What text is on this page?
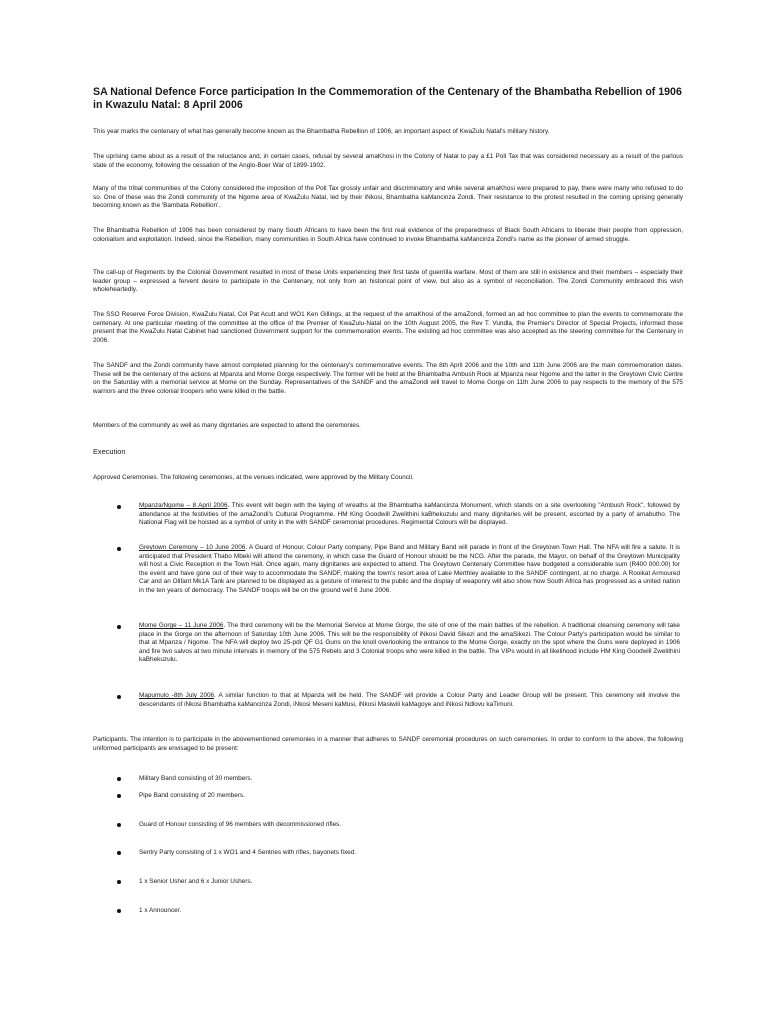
SA National Defence Force participation In the Commemoration of the Centenary of the Bhambatha Rebellion of 1906 in Kwazulu Natal: 8 April 2006

This year marks the centenary of what has generally become known as the Bhambatha Rebellion of 1906, an important aspect of KwaZulu Natal's military history.

The uprising came about as a result of the reluctance and, in certain cases, refusal by several amaKhosi in the Colony of Natal to pay a £1 Poll Tax that was considered necessary as a result of the parlous state of the economy, following the cessation of the Anglo-Boer War of 1899-1902.

Many of the tribal communities of the Colony considered the imposition of the Poll Tax grossly unfair and discriminatory and while several amaKhosi were prepared to pay, there were many who refused to do so. One of these was the Zondi community of the Ngome area of KwaZulu Natal, led by their iNkosi, Bhambatha kaMancinza Zondi. Their resistance to the protest resulted in the coming uprising generally becoming known as the 'Bambata Rebellion'.

The Bhambatha Rebellion of 1906 has been considered by many South Africans to have been the first real evidence of the preparedness of Black South Africans to liberate their people from oppression, colonialism and exploitation. Indeed, since the Rebellion, many communities in South Africa have continued to invoke Bhambatha kaMancinza Zondi's name as the pioneer of armed struggle.

The call-up of Regiments by the Colonial Government resulted in most of these Units experiencing their first taste of guerrilla warfare. Most of them are still in existence and their members – especially their leader group – expressed a fervent desire to participate in the Centenary, not only from an historical point of view, but also as a symbol of reconciliation. The Zondi Community embraced this wish wholeheartedly.

The SSO Reserve Force Division, KwaZulu Natal, Col Pat Acutt and WO1 Ken Gillings, at the request of the amaKhosi of the amaZondi, formed an ad hoc committee to plan the events to commemorate the centenary. At one particular meeting of the committee at the office of the Premier of KwaZulu-Natal on the 10th August 2005, the Rev T. Vundla, the Premier's Director of Special Projects, informed those present that the KwaZulu Natal Cabinet had sanctioned Government support for the commemoration events. The existing ad hoc committee was also accepted as the steering committee for the Centenary in 2006.

The SANDF and the Zondi community have almost completed planning for the centenary's commemorative events. The 8th April 2006 and the 10th and 11th June 2006 are the main commemoration dates. These will be the centenary of the actions at Mpanza and Mome Gorge respectively. The former will be held at the Bhambatha Ambush Rock at Mpanza near Ngome and the latter in the Greytown Civic Centre on the Saturday with a memorial service at Mome on the Sunday. Representatives of the SANDF and the amaZondi will travel to Mome Gorge on 11th June 2006 to pay respects to the memory of the 575 warriors and the three colonial troopers who were killed in the battle.

Members of the community as well as many dignitaries are expected to attend the ceremonies.

Execution

Approved Ceremonies. The following ceremonies, at the venues indicated, were approved by the Military Council.

Mpanza/Ngome – 8 April 2006. This event will begin with the laying of wreaths at the Bhambatha kaMancinza Monument, which stands on a site overlooking "Ambush Rock", followed by attendance at the festivities of the amaZondi's Cultural Programme. HM King Goodwill Zwelithini kaBhekuzulu and many dignitaries will be present, escorted by a party of amabutho. The National Flag will be hoisted as a symbol of unity in the with SANDF ceremonial procedures. Regimental Colours will be displayed.

Greytown Ceremony – 10 June 2006. A Guard of Honour, Colour Party company, Pipe Band and Military Band will parade in front of the Greytown Town Hall. The NFA will fire a salute. It is anticipated that President Thabo Mbeki will attend the ceremony, in which case the Guard of Honour should be the NCG. After the parade, the Mayor, on behalf of the Greytown Municipality will host a Civic Reception in the Town Hall. Once again, many dignitaries are expected to attend. The Greytown Centenary Committee have budgeted a considerable sum (R400 000.00) for the event and have gone out of their way to accommodate the SANDF, making the town's resort area of Lake Merthley available to the SANDF contingent, at no charge. A Rooikat Armoured Car and an Olifant Mk1A Tank are planned to be displayed as a gesture of interest to the public and the display of weaponry will also show how South Africa has progressed as a united nation in the ten years of democracy. The SANDF troops will be on the ground wef 6 June 2006.

Mome Gorge – 11 June 2006. The third ceremony will be the Memorial Service at Mome Gorge, the site of one of the main battles of the rebellion. A traditional cleansing ceremony will take place in the Gorge on the afternoon of Saturday 10th June 2006. This will be the responsibility of iNkosi David Sikezi and the amaSikezi. The Colour Party's participation would be similar to that at Mpanza / Ngome. The NFA will deploy two 25-pdr QF G1 Guns on the knoll overlooking the entrance to the Mome Gorge, exactly on the spot where the Guns were deployed in 1906 and fire two salvos at two minute intervals in memory of the 575 Rebels and 3 Colonial troops who were killed in the battle. The VIPs would in all likelihood include HM King Goodwill Zwelithini kaBhekuzulu.

Mapumulo -8th July 2006. A similar function to that at Mpanza will be held. The SANDF will provide a Colour Party and Leader Group will be present. This ceremony will involve the descendants of iNkosi Bhambatha kaMancinza Zondi, iNkosi Meseni kaMusi, iNkosi Masiwili kaMagoye and iNkosi Ndlovu kaTimuni.

Participants. The intention is to participate in the abovementioned ceremonies in a manner that adheres to SANDF ceremonial procedures on such ceremonies. In order to conform to the above, the following uniformed participants are envisaged to be present:

Military Band consisting of 30 members.

Pipe Band consisting of 20 members.

Guard of Honour consisting of 96 members with decommissioned rifles.

Sentry Party consisting of 1 x WO1 and 4 Sentries with rifles, bayonets fixed.

1 x Senior Usher and 6 x Junior Ushers.

1 x Announcer.
